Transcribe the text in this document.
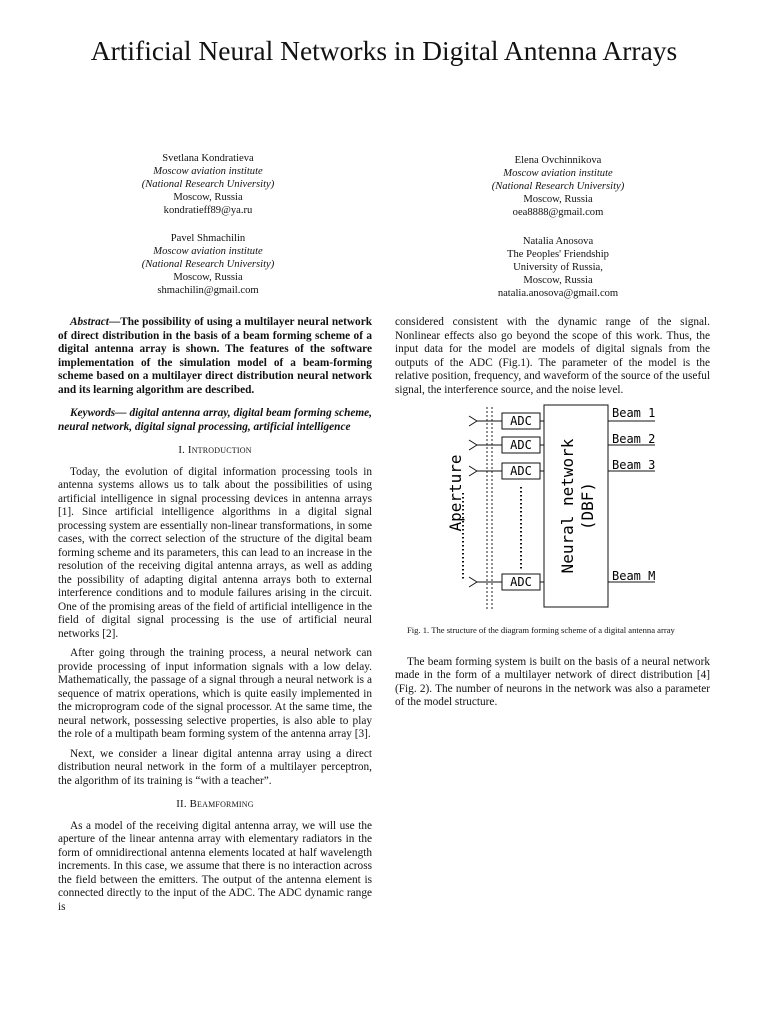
Artificial Neural Networks in Digital Antenna Arrays
Svetlana Kondratieva
Moscow aviation institute
(National Research University)
Moscow, Russia
kondratieff89@ya.ru
Elena Ovchinnikova
Moscow aviation institute
(National Research University)
Moscow, Russia
oea8888@gmail.com
Pavel Shmachilin
Moscow aviation institute
(National Research University)
Moscow, Russia
shmachilin@gmail.com
Natalia Anosova
The Peoples' Friendship
University of Russia,
Moscow, Russia
natalia.anosova@gmail.com

Abstract—The possibility of using a multilayer neural network of direct distribution in the basis of a beam forming scheme of a digital antenna array is shown. The features of the software implementation of the simulation model of a beam-forming scheme based on a multilayer direct distribution neural network and its learning algorithm are described.

Keywords— digital antenna array, digital beam forming scheme, neural network, digital signal processing, artificial intelligence

I. Introduction

Today, the evolution of digital information processing tools in antenna systems allows us to talk about the possibilities of using artificial intelligence in signal processing devices in antenna arrays [1]. Since artificial intelligence algorithms in a digital signal processing system are essentially non-linear transformations, in some cases, with the correct selection of the structure of the digital beam forming scheme and its parameters, this can lead to an increase in the resolution of the receiving digital antenna arrays, as well as adding the possibility of adapting digital antenna arrays both to external interference conditions and to module failures arising in the circuit. One of the promising areas of the field of artificial intelligence in the field of digital signal processing is the use of artificial neural networks [2].

After going through the training process, a neural network can provide processing of input information signals with a low delay. Mathematically, the passage of a signal through a neural network is a sequence of matrix operations, which is quite easily implemented in the microprogram code of the signal processor. At the same time, the neural network, possessing selective properties, is also able to play the role of a multipath beam forming system of the antenna array [3].

Next, we consider a linear digital antenna array using a direct distribution neural network in the form of a multilayer perceptron, the algorithm of its training is “with a teacher”.

II. Beamforming

As a model of the receiving digital antenna array, we will use the aperture of the linear antenna array with elementary radiators in the form of omnidirectional antenna elements located at half wavelength increments. In this case, we assume that there is no interaction across the field between the emitters. The output of the antenna element is connected directly to the input of the ADC. The ADC dynamic range is

considered consistent with the dynamic range of the signal. Nonlinear effects also go beyond the scope of this work. Thus, the input data for the model are models of digital signals from the outputs of the ADC (Fig.1). The parameter of the model is the relative position, frequency, and waveform of the source of the useful signal, the interference source, and the noise level.

ADC
ADC
ADC
ADC
Aperture	Neural network (DBF)
Beam 1
Beam 2
Beam 3
Beam M

Fig. 1. The structure of the diagram forming scheme of a digital antenna array

The beam forming system is built on the basis of a neural network made in the form of a multilayer network of direct distribution [4] (Fig. 2). The number of neurons in the network was also a parameter of the model structure.
